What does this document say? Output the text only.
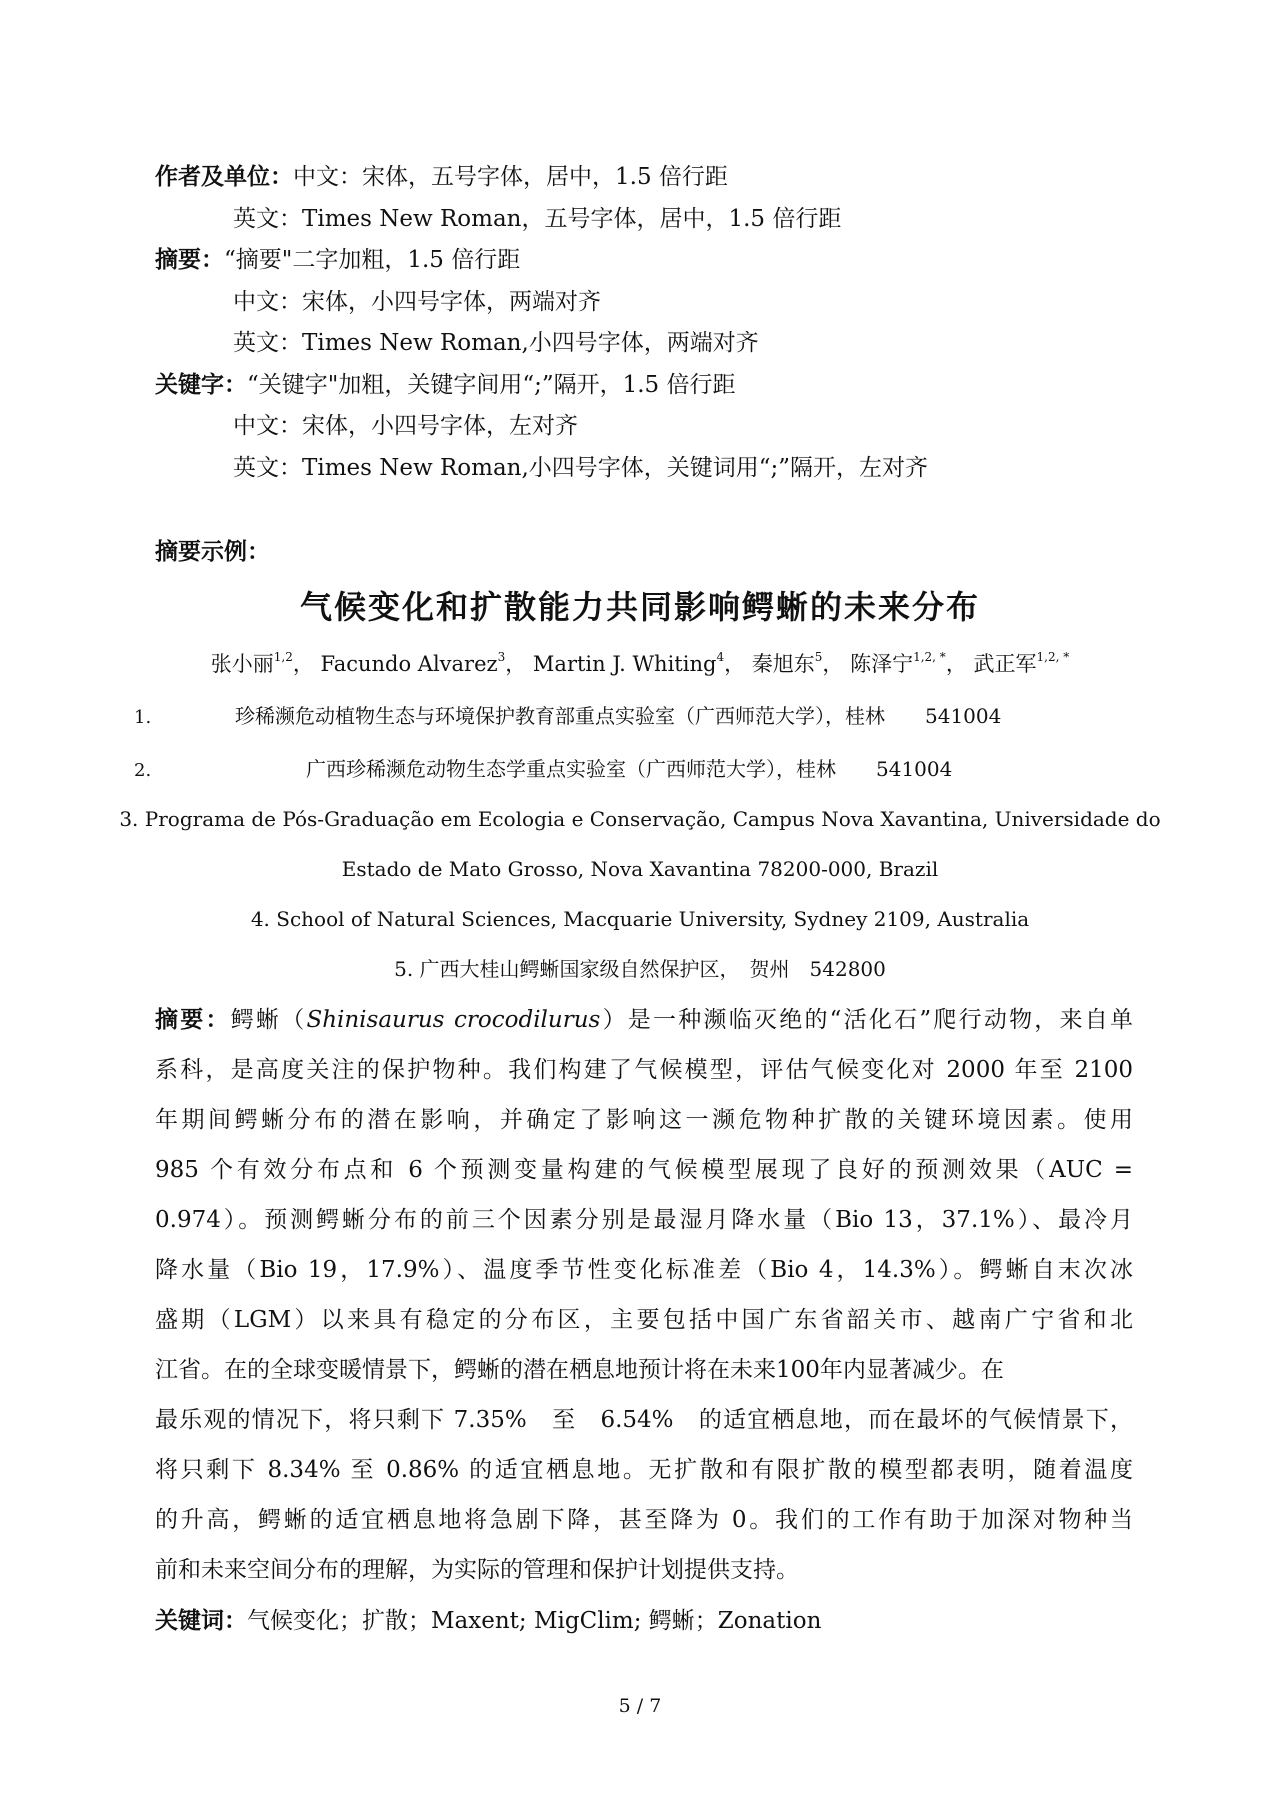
作者及单位：中文：宋体，五号字体，居中，1.5 倍行距
英文：Times New Roman，五号字体，居中，1.5 倍行距
摘要：“摘要"二字加粗，1.5 倍行距
中文：宋体，小四号字体，两端对齐
英文：Times New Roman,小四号字体，两端对齐
关键字：“关键字"加粗，关键字间用“;”隔开，1.5 倍行距
中文：宋体，小四号字体，左对齐
英文：Times New Roman,小四号字体，关键词用“;”隔开，左对齐
摘要示例：
气候变化和扩散能力共同影响鳄蜥的未来分布
张小丽$^{1,2}$， Facundo Alvarez$^3$， Martin J. Whiting$^4$， 秦旭东$^5$， 陈泽宁$^{1,2, *}$， 武正军$^{1,2, *}$
1.	珍稀濒危动植物生态与环境保护教育部重点实验室（广西师范大学），桂林　　541004
2.	广西珍稀濒危动物生态学重点实验室（广西师范大学），桂林　　541004
3. Programa de Pós-Graduação em Ecologia e Conservação, Campus Nova Xavantina, Universidade do
Estado de Mato Grosso, Nova Xavantina 78200-000, Brazil
4. School of Natural Sciences, Macquarie University, Sydney 2109, Australia
5. 广西大桂山鳄蜥国家级自然保护区，　贺州　542800
摘要：鳄蜥（Shinisaurus crocodilurus）是一种濒临灭绝的“活化石”爬行动物，来自单
系科，是高度关注的保护物种。我们构建了气候模型，评估气候变化对 2000 年至 2100
年期间鳄蜥分布的潜在影响，并确定了影响这一濒危物种扩散的关键环境因素。使用
985 个有效分布点和 6 个预测变量构建的气候模型展现了良好的预测效果（AUC =
0.974）。预测鳄蜥分布的前三个因素分别是最湿月降水量（Bio 13，37.1%）、最冷月
降水量（Bio 19，17.9%）、温度季节性变化标准差（Bio 4，14.3%）。鳄蜥自末次冰
盛期（LGM）以来具有稳定的分布区，主要包括中国广东省韶关市、越南广宁省和北
江省。在的全球变暖情景下，鳄蜥的潜在栖息地预计将在未来100年内显著减少。在
最乐观的情况下，将只剩下 7.35%　至　6.54%　的适宜栖息地，而在最坏的气候情景下，
将只剩下 8.34% 至 0.86% 的适宜栖息地。无扩散和有限扩散的模型都表明，随着温度
的升高，鳄蜥的适宜栖息地将急剧下降，甚至降为 0。我们的工作有助于加深对物种当
前和未来空间分布的理解，为实际的管理和保护计划提供支持。
关键词：气候变化；扩散；Maxent; MigClim; 鳄蜥；Zonation
5 / 7
